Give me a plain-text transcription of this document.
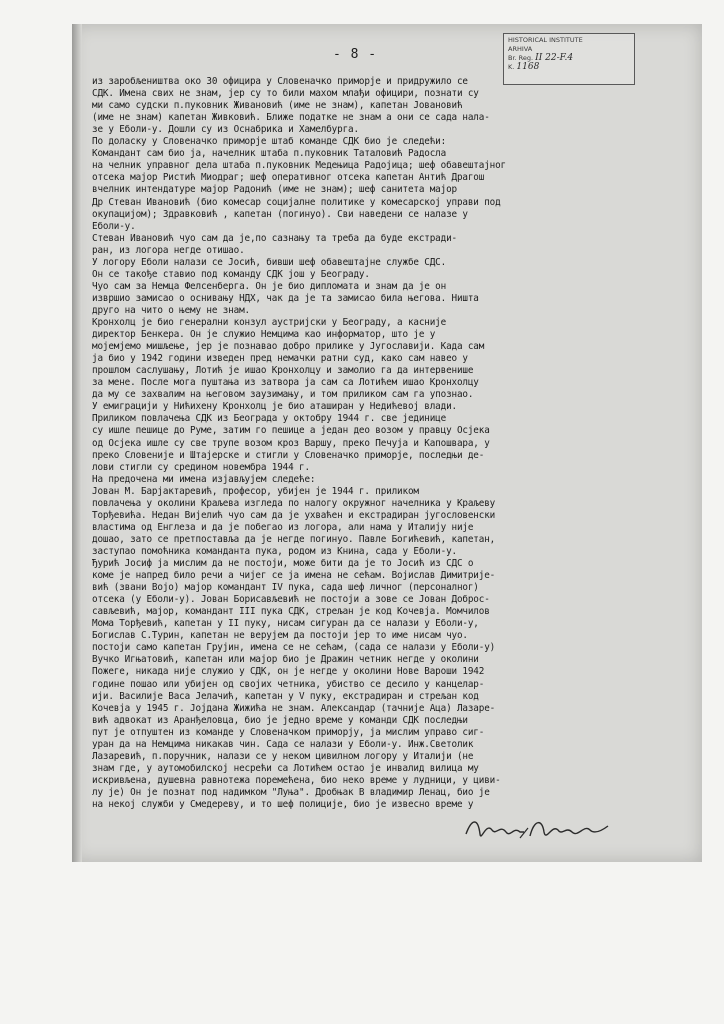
- 8 -
HISTORICAL INSTITUTE
ARHIVA
Br. Reg. II 22-F.4
K. 1168
из заробљеништва око 30 официра у Словеначко приморје и придружило се
СДК. Имена свих не знам, јер су то били махом млађи официри, познати су
ми само судски п.пуковник Живановић (име не знам), капетан Јовановић
(име не знам) капетан Живковић. Ближе податке не знам а они се сада нала-
зе у Еболи-у. Дошли су из Оснабрика и Хамелбурга.
По доласку у Словеначко приморје штаб команде СДК био је следећи:
Командант сам био ја, начелник штаба п.пуковник Таталовић Радосла
на челник управног дела штаба п.пуковник Медењица Радојица; шеф обавештајног
отсека мајор Ристић Миодраг; шеф оперативног отсека капетан Антић Драгош
вчелник интендатуре мајор Радонић (име не знам); шеф санитета мајор
Др Стеван Ивановић (био комесар социјалне политике у комесарској управи под
окупацијом); Здравковић , капетан (погинуо). Сви наведени се налазе у
Еболи-у.
Стеван Ивановић чуо сам да је,по сазнању та треба да буде екстради-
ран, из логора негде отишао.
У логору Еболи налази се Јосић, бивши шеф обавештајне службе СДС.
Он се такође ставио под команду СДК још у Београду.
Чуо сам за Немца Фелсенберга. Он је био дипломата и знам да је он
извршио замисао о оснивању НДХ, чак да је та замисао била његова. Ништа
друго на чито о њему не знам.
Кронхолц је био генерални конзул аустријски у Београду, а касније
директор Бенкера. Он је служио Немцима као информатор, што је у
мојемјемо мишљење, јер је познавао добро прилике у Југославији. Када сам
ја био у 1942 години изведен пред немачки ратни суд, како сам навео у
прошлом саслушању, Лотић је ишао Кронхолцу и замолио га да интервенише
за мене. После мога пуштања из затвора ја сам са Лотићем ишао Кронхолцу
да му се захвалим на његовом заузимању, и том приликом сам га упознао.
У емиграцији у Нићихену Кронхолц је био аташиран у Недићевој влади.
Приликом повлачења СДК из Београда у октобру 1944 г. све јединице
су ишле пешице до Руме, затим го пешице а један део возом у правцу Осјека
од Осјека ишле су све трупе возом кроз Варшу, преко Печуја и Капошвара, у
преко Словеније и Штајерске и стигли у Словеначко приморје, последњи де-
лови стигли су средином новембра 1944 г.
На предочена ми имена изјављујем следеће:
Јован М. Барјактаревић, професор, убијен је 1944 г. приликом
повлачења у околини Краљева изгледа по налогу окружног начелника у Краљеву
Торђевића. Недан Вијелић чуо сам да је ухваћен и екстрадиран југословенски
властима од Енглеза и да је побегао из логора, али нама у Италију није
дошао, зато се претпоставља да је негде погинуо. Павле Богићевић, капетан,
заступао помоћника команданта пука, родом из Книна, сада у Еболи-у.
Ђурић Јосиф ја мислим да не постоји, може бити да је то Јосић из СДС о
коме је напред било речи а чијег се ја имена не сећам. Војислав Димитрије-
вић (звани Војо) мајор командант IV пука, сада шеф личног (персоналног)
отсека (у Еболи-у). Јован Борисављевић не постоји а зове се Јован Доброс-
сављевић, мајор, командант III пука СДК, стрељан је код Кочевја. Момчилов
Мома Торђевић, капетан у II пуку, нисам сигуран да се налази у Еболи-у,
Богислав С.Турин, капетан не верујем да постоји јер то име нисам чуо.
постоји само капетан Грујин, имена се не сећам, (сада се налази у Еболи-у)
Вучко Игњатовић, капетан или мајор био је Дражин четник негде у околини
Пожеге, никада није служио у СДК, он је негде у околини Нове Вароши 1942
године пошао или убијен од својих четника, убиство се десило у канцелар-
ији. Василије Васа Јелачић, капетан у V пуку, екстрадиран и стрељан код
Кочевја у 1945 г. Јојдана Жижића не знам. Александар (тачније Аца) Лазаре-
вић адвокат из Аранђеловца, био је једно време у команди СДК последњи
пут је отпуштен из команде у Словеначком приморју, ја мислим управо сиг-
уран да на Немцима никакав чин. Сада се налази у Еболи-у. Инж.Светолик
Лазаревић, п.поручник, налази се у неком цивилном логору у Италији (не
знам где, у аутомобилској несрећи са Лотићем остао је инвалид вилица му
искривљена, душевна равнотежа поремећена, био неко време у лудници, у циви-
лу је) Он је познат под надимком "Луња". Дробњак В владимир Ленац, био је
на некој служби у Смедереву, и то шеф полиције, био је извесно време у
